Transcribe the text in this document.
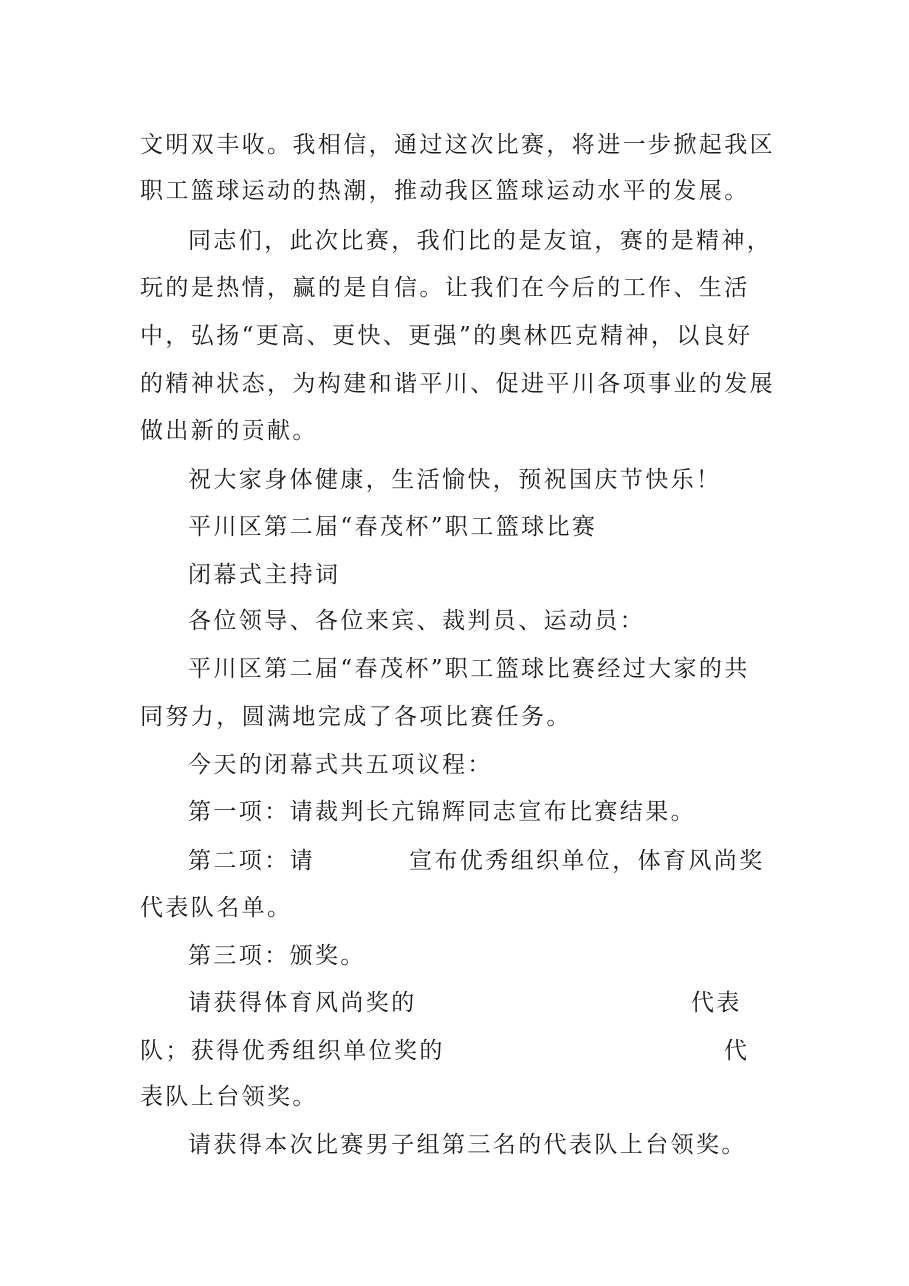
文明双丰收。我相信，通过这次比赛，将进一步掀起我区
职工篮球运动的热潮，推动我区篮球运动水平的发展。
同志们，此次比赛，我们比的是友谊，赛的是精神，
玩的是热情，赢的是自信。让我们在今后的工作、生活
中，弘扬“更高、更快、更强”的奥林匹克精神，以良好
的精神状态，为构建和谐平川、促进平川各项事业的发展
做出新的贡献。
祝大家身体健康，生活愉快，预祝国庆节快乐！
平川区第二届“春茂杯”职工篮球比赛
闭幕式主持词
各位领导、各位来宾、裁判员、运动员：
平川区第二届“春茂杯”职工篮球比赛经过大家的共
同努力，圆满地完成了各项比赛任务。
今天的闭幕式共五项议程：
第一项：请裁判长亢锦辉同志宣布比赛结果。
第二项：请	宣布优秀组织单位，体育风尚奖
代表队名单。
第三项：颁奖。
请获得体育风尚奖的	代表
队；获得优秀组织单位奖的	代
表队上台领奖。
请获得本次比赛男子组第三名的代表队上台领奖。
